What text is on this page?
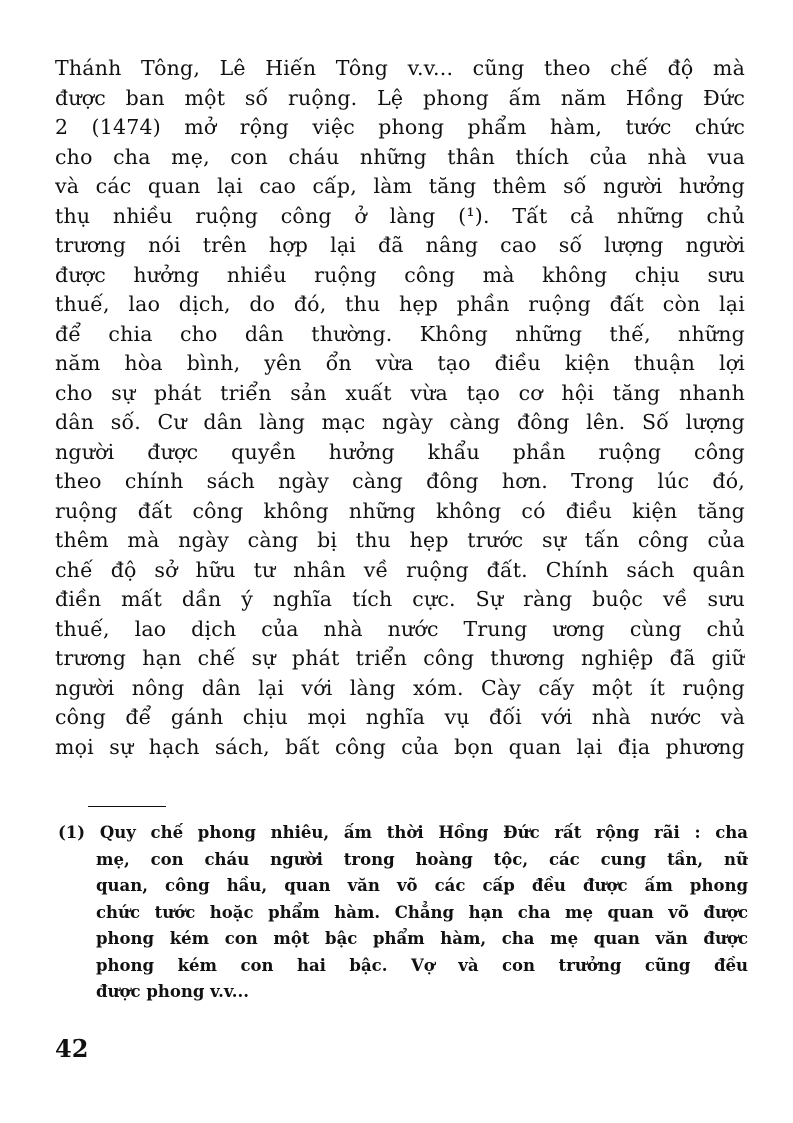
Thánh Tông, Lê Hiến Tông v.v... cũng theo chế độ mà
được ban một số ruộng. Lệ phong ấm năm Hồng Đức
2 (1474) mở rộng việc phong phẩm hàm, tước chức
cho cha mẹ, con cháu những thân thích của nhà vua
và các quan lại cao cấp, làm tăng thêm số người hưởng
thụ nhiều ruộng công ở làng (¹). Tất cả những chủ
trương nói trên hợp lại đã nâng cao số lượng người
được hưởng nhiều ruộng công mà không chịu sưu
thuế, lao dịch, do đó, thu hẹp phần ruộng đất còn lại
để chia cho dân thường. Không những thế, những
năm hòa bình, yên ổn vừa tạo điều kiện thuận lợi
cho sự phát triển sản xuất vừa tạo cơ hội tăng nhanh
dân số. Cư dân làng mạc ngày càng đông lên. Số lượng
người được quyền hưởng khẩu phần ruộng công
theo chính sách ngày càng đông hơn. Trong lúc đó,
ruộng đất công không những không có điều kiện tăng
thêm mà ngày càng bị thu hẹp trước sự tấn công của
chế độ sở hữu tư nhân về ruộng đất. Chính sách quân
điền mất dần ý nghĩa tích cực. Sự ràng buộc về sưu
thuế, lao dịch của nhà nước Trung ương cùng chủ
trương hạn chế sự phát triển công thương nghiệp đã giữ
người nông dân lại với làng xóm. Cày cấy một ít ruộng
công để gánh chịu mọi nghĩa vụ đối với nhà nước và
mọi sự hạch sách, bất công của bọn quan lại địa phương
(1) Quy chế phong nhiêu, ấm thời Hồng Đức rất rộng rãi : cha
mẹ, con cháu người trong hoàng tộc, các cung tần, nữ
quan, công hầu, quan văn võ các cấp đều được ấm phong
chức tước hoặc phẩm hàm. Chẳng hạn cha mẹ quan võ được
phong kém con một bậc phẩm hàm, cha mẹ quan văn được
phong kém con hai bậc. Vợ và con trưởng cũng đều
được phong v.v...
42
